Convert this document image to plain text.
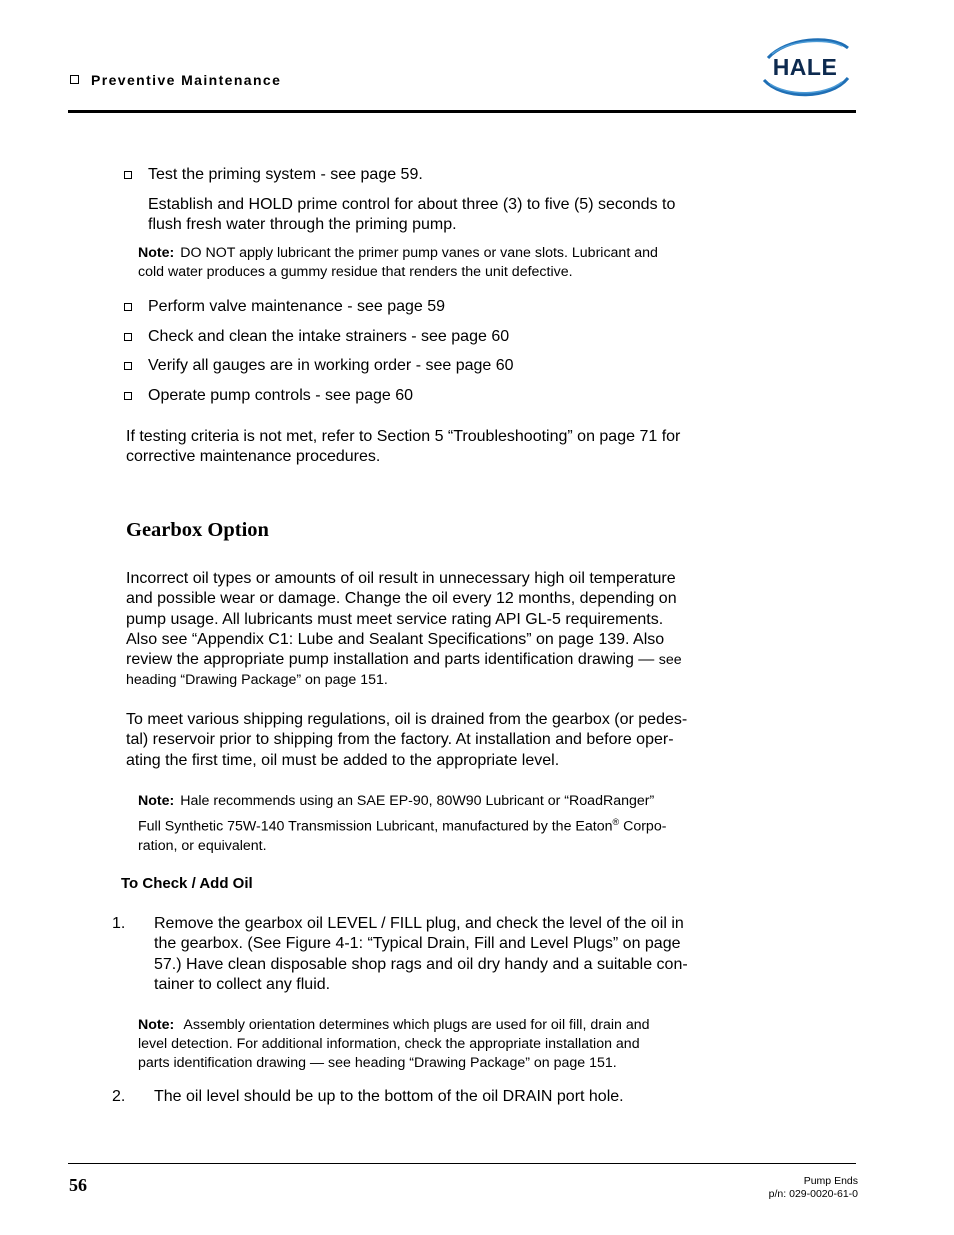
Preventive Maintenance	HALE
Test the priming system - see page 59.
Establish and HOLD prime control for about three (3) to five (5) seconds to
flush fresh water through the priming pump.
Note: DO NOT apply lubricant the primer pump vanes or vane slots. Lubricant and
cold water produces a gummy residue that renders the unit defective.
Perform valve maintenance - see page 59
Check and clean the intake strainers - see page 60
Verify all gauges are in working order - see page 60
Operate pump controls - see page 60
If testing criteria is not met, refer to Section 5 “Troubleshooting” on page 71 for
corrective maintenance procedures.
Gearbox Option
Incorrect oil types or amounts of oil result in unnecessary high oil temperature
and possible wear or damage. Change the oil every 12 months, depending on
pump usage. All lubricants must meet service rating API GL-5 requirements.
Also see “Appendix C1: Lube and Sealant Specifications” on page 139. Also
review the appropriate pump installation and parts identification drawing — see
heading “Drawing Package” on page 151.
To meet various shipping regulations, oil is drained from the gearbox (or pedes-
tal) reservoir prior to shipping from the factory. At installation and before oper-
ating the first time, oil must be added to the appropriate level.
Note: Hale recommends using an SAE EP-90, 80W90 Lubricant or “RoadRanger”
Full Synthetic 75W-140 Transmission Lubricant, manufactured by the Eaton® Corpo-
ration, or equivalent.
To Check / Add Oil
1. Remove the gearbox oil LEVEL / FILL plug, and check the level of the oil in
the gearbox. (See Figure 4-1: “Typical Drain, Fill and Level Plugs” on page
57.) Have clean disposable shop rags and oil dry handy and a suitable con-
tainer to collect any fluid.
Note: Assembly orientation determines which plugs are used for oil fill, drain and
level detection. For additional information, check the appropriate installation and
parts identification drawing — see heading “Drawing Package” on page 151.
2. The oil level should be up to the bottom of the oil DRAIN port hole.
56	Pump Ends
p/n: 029-0020-61-0
